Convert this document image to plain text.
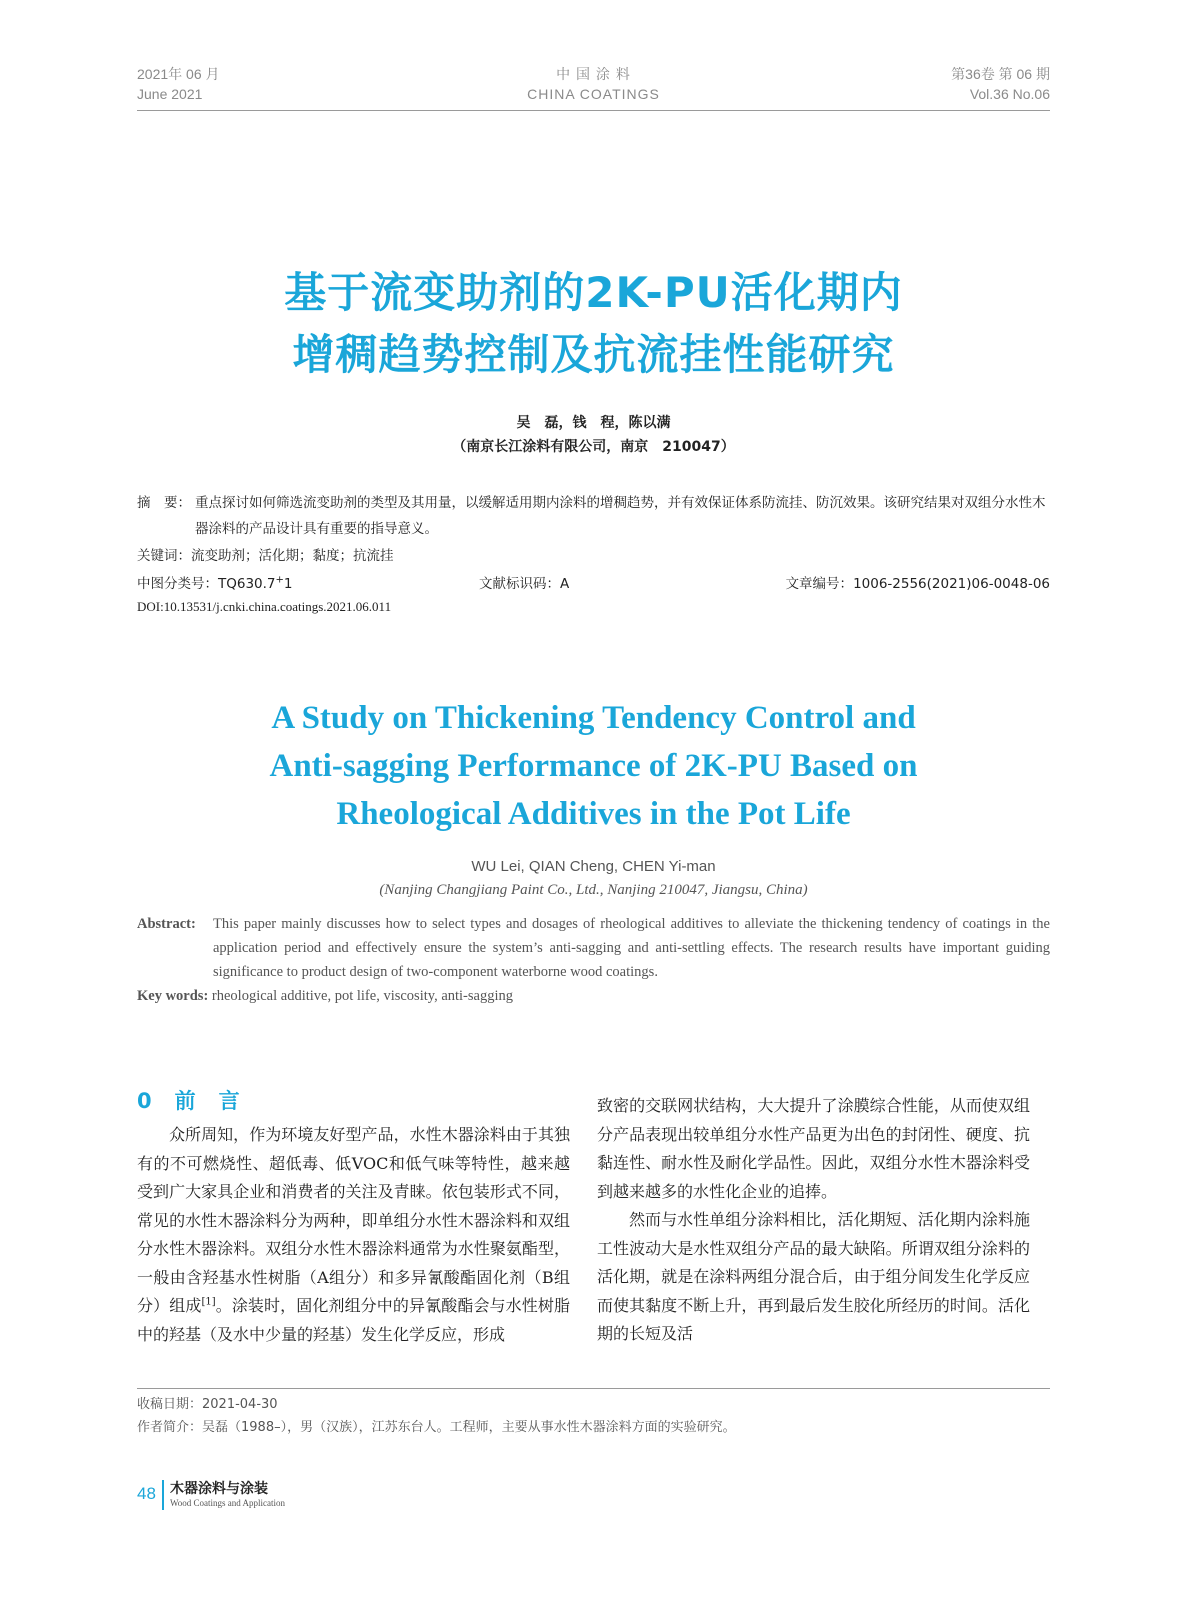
2021年 06 月
June 2021
中 国 涂 料
CHINA COATINGS
第36卷 第 06 期
Vol.36 No.06
基于流变助剂的2K-PU活化期内
增稠趋势控制及抗流挂性能研究
吴　磊，钱　程，陈以满
（南京长江涂料有限公司，南京　210047）
摘　要： 重点探讨如何筛选流变助剂的类型及其用量，以缓解适用期内涂料的增稠趋势，并有效保证体系防流挂、防沉效果。该研究结果对双组分水性木器涂料的产品设计具有重要的指导意义。
关键词：流变助剂；活化期；黏度；抗流挂
中图分类号：TQ630.7+1	文献标识码：A	文章编号：1006-2556(2021)06-0048-06
DOI:10.13531/j.cnki.china.coatings.2021.06.011
A Study on Thickening Tendency Control and
Anti-sagging Performance of 2K-PU Based on
Rheological Additives in the Pot Life
WU Lei, QIAN Cheng, CHEN Yi-man
(Nanjing Changjiang Paint Co., Ltd., Nanjing 210047, Jiangsu, China)
Abstract: This paper mainly discusses how to select types and dosages of rheological additives to alleviate the thickening tendency of coatings in the application period and effectively ensure the system’s anti-sagging and anti-settling effects. The research results have important guiding significance to product design of two-component waterborne wood coatings.
Key words: rheological additive, pot life, viscosity, anti-sagging
0　前　言

众所周知，作为环境友好型产品，水性木器涂料由于其独有的不可燃烧性、超低毒、低VOC和低气味等特性，越来越受到广大家具企业和消费者的关注及青睐。依包装形式不同，常见的水性木器涂料分为两种，即单组分水性木器涂料和双组分水性木器涂料。双组分水性木器涂料通常为水性聚氨酯型，一般由含羟基水性树脂（A组分）和多异氰酸酯固化剂（B组分）组成[1]。涂装时，固化剂组分中的异氰酸酯会与水性树脂中的羟基（及水中少量的羟基）发生化学反应，形成

致密的交联网状结构，大大提升了涂膜综合性能，从而使双组分产品表现出较单组分水性产品更为出色的封闭性、硬度、抗黏连性、耐水性及耐化学品性。因此，双组分水性木器涂料受到越来越多的水性化企业的追捧。

然而与水性单组分涂料相比，活化期短、活化期内涂料施工性波动大是水性双组分产品的最大缺陷。所谓双组分涂料的活化期，就是在涂料两组分混合后，由于组分间发生化学反应而使其黏度不断上升，再到最后发生胶化所经历的时间。活化期的长短及活

收稿日期：2021-04-30
作者简介：吴磊（1988–），男（汉族），江苏东台人。工程师，主要从事水性木器涂料方面的实验研究。
48 木器涂料与涂装
Wood Coatings and Application
